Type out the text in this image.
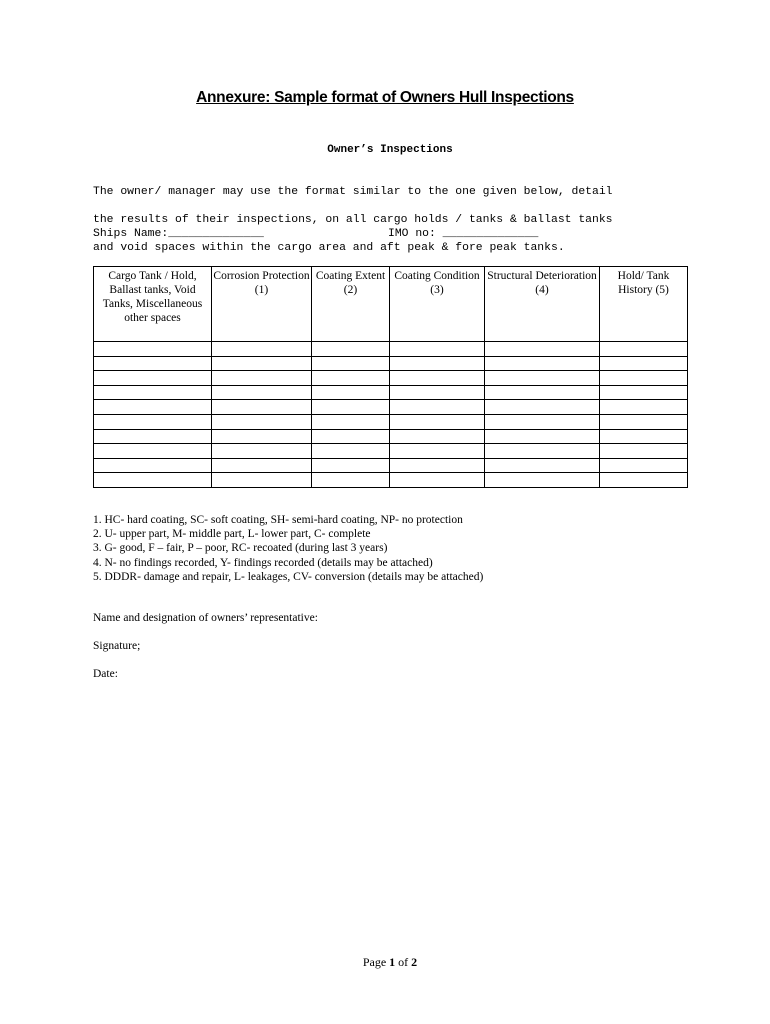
Annexure: Sample format of Owners Hull Inspections
Owner’s Inspections

The owner/ manager may use the format similar to the one given below, detail

the results of their inspections, on all cargo holds / tanks & ballast tanks

and void spaces within the cargo area and aft peak & fore peak tanks.

Ships Name:______________	IMO no: ______________
Cargo Tank / Hold, Ballast tanks, Void Tanks, Miscellaneous other spaces	Corrosion Protection (1)	Coating Extent (2)	Coating Condition (3)	Structural Deterioration (4)	Hold/ Tank History (5)

1. HC- hard coating, SC- soft coating, SH- semi-hard coating, NP- no protection
2. U- upper part, M- middle part, L- lower part, C- complete
3. G- good, F – fair, P – poor, RC- recoated (during last 3 years)
4. N- no findings recorded, Y- findings recorded (details may be attached)
5. DDDR- damage and repair, L- leakages, CV- conversion (details may be attached)
Name and designation of owners’ representative:
Signature;
Date:
Page 1 of 2
